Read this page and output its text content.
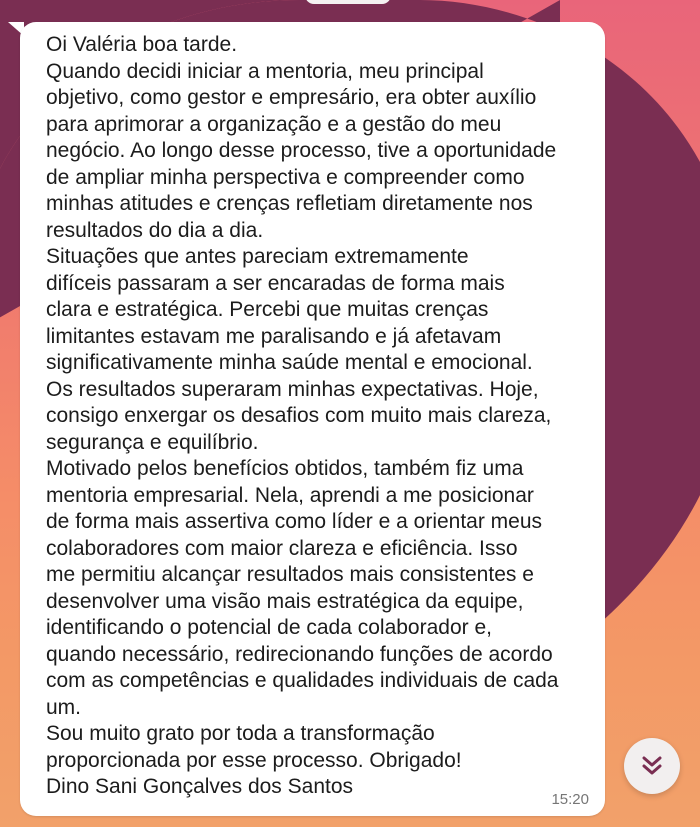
Oi Valéria boa tarde.
Quando decidi iniciar a mentoria, meu principal
objetivo, como gestor e empresário, era obter auxílio
para aprimorar a organização e a gestão do meu
negócio. Ao longo desse processo, tive a oportunidade
de ampliar minha perspectiva e compreender como
minhas atitudes e crenças refletiam diretamente nos
resultados do dia a dia.
Situações que antes pareciam extremamente
difíceis passaram a ser encaradas de forma mais
clara e estratégica. Percebi que muitas crenças
limitantes estavam me paralisando e já afetavam
significativamente minha saúde mental e emocional.
Os resultados superaram minhas expectativas. Hoje,
consigo enxergar os desafios com muito mais clareza,
segurança e equilíbrio.
Motivado pelos benefícios obtidos, também fiz uma
mentoria empresarial. Nela, aprendi a me posicionar
de forma mais assertiva como líder e a orientar meus
colaboradores com maior clareza e eficiência. Isso
me permitiu alcançar resultados mais consistentes e
desenvolver uma visão mais estratégica da equipe,
identificando o potencial de cada colaborador e,
quando necessário, redirecionando funções de acordo
com as competências e qualidades individuais de cada
um.
Sou muito grato por toda a transformação
proporcionada por esse processo. Obrigado!
Dino Sani Gonçalves dos Santos
15:20
